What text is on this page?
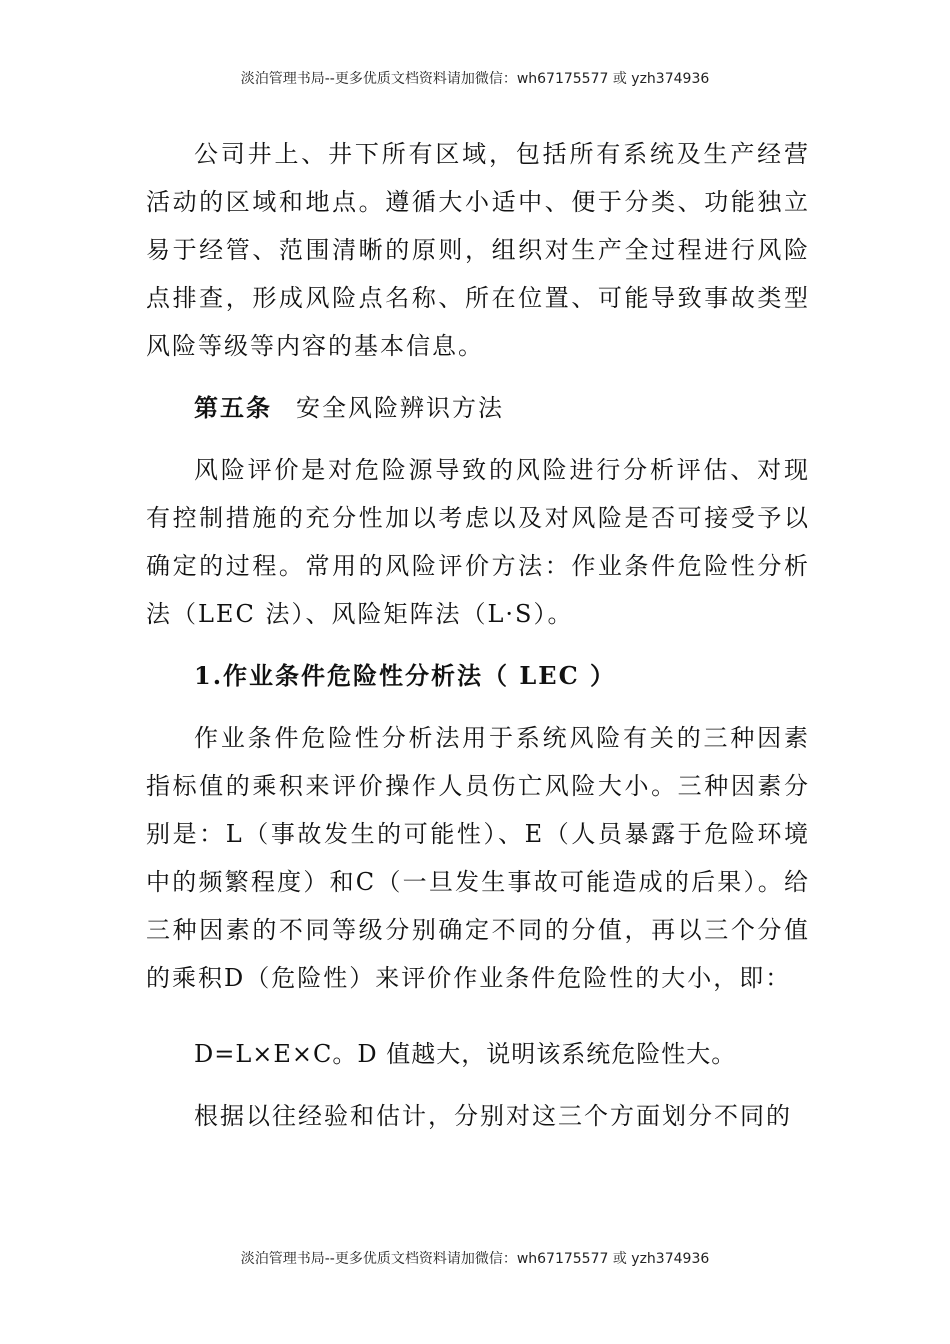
淡泊管理书局--更多优质文档资料请加微信：wh67175577 或 yzh374936

公司井上、井下所有区域，包括所有系统及生产经营活动的区域和地点。遵循大小适中、便于分类、功能独立易于经管、范围清晰的原则，组织对生产全过程进行风险点排查，形成风险点名称、所在位置、可能导致事故类型风险等级等内容的基本信息。

第五条 安全风险辨识方法

风险评价是对危险源导致的风险进行分析评估、对现有控制措施的充分性加以考虑以及对风险是否可接受予以确定的过程。常用的风险评价方法：作业条件危险性分析法（LEC 法）、风险矩阵法（L·S）。

1.作业条件危险性分析法（ LEC ）

作业条件危险性分析法用于系统风险有关的三种因素指标值的乘积来评价操作人员伤亡风险大小。三种因素分别是：L（事故发生的可能性）、E（人员暴露于危险环境中的频繁程度）和C（一旦发生事故可能造成的后果）。给三种因素的不同等级分别确定不同的分值，再以三个分值的乘积D（危险性）来评价作业条件危险性的大小，即：

D=L×E×C。D 值越大，说明该系统危险性大。

根据以往经验和估计，分别对这三个方面划分不同的

淡泊管理书局--更多优质文档资料请加微信：wh67175577 或 yzh374936
